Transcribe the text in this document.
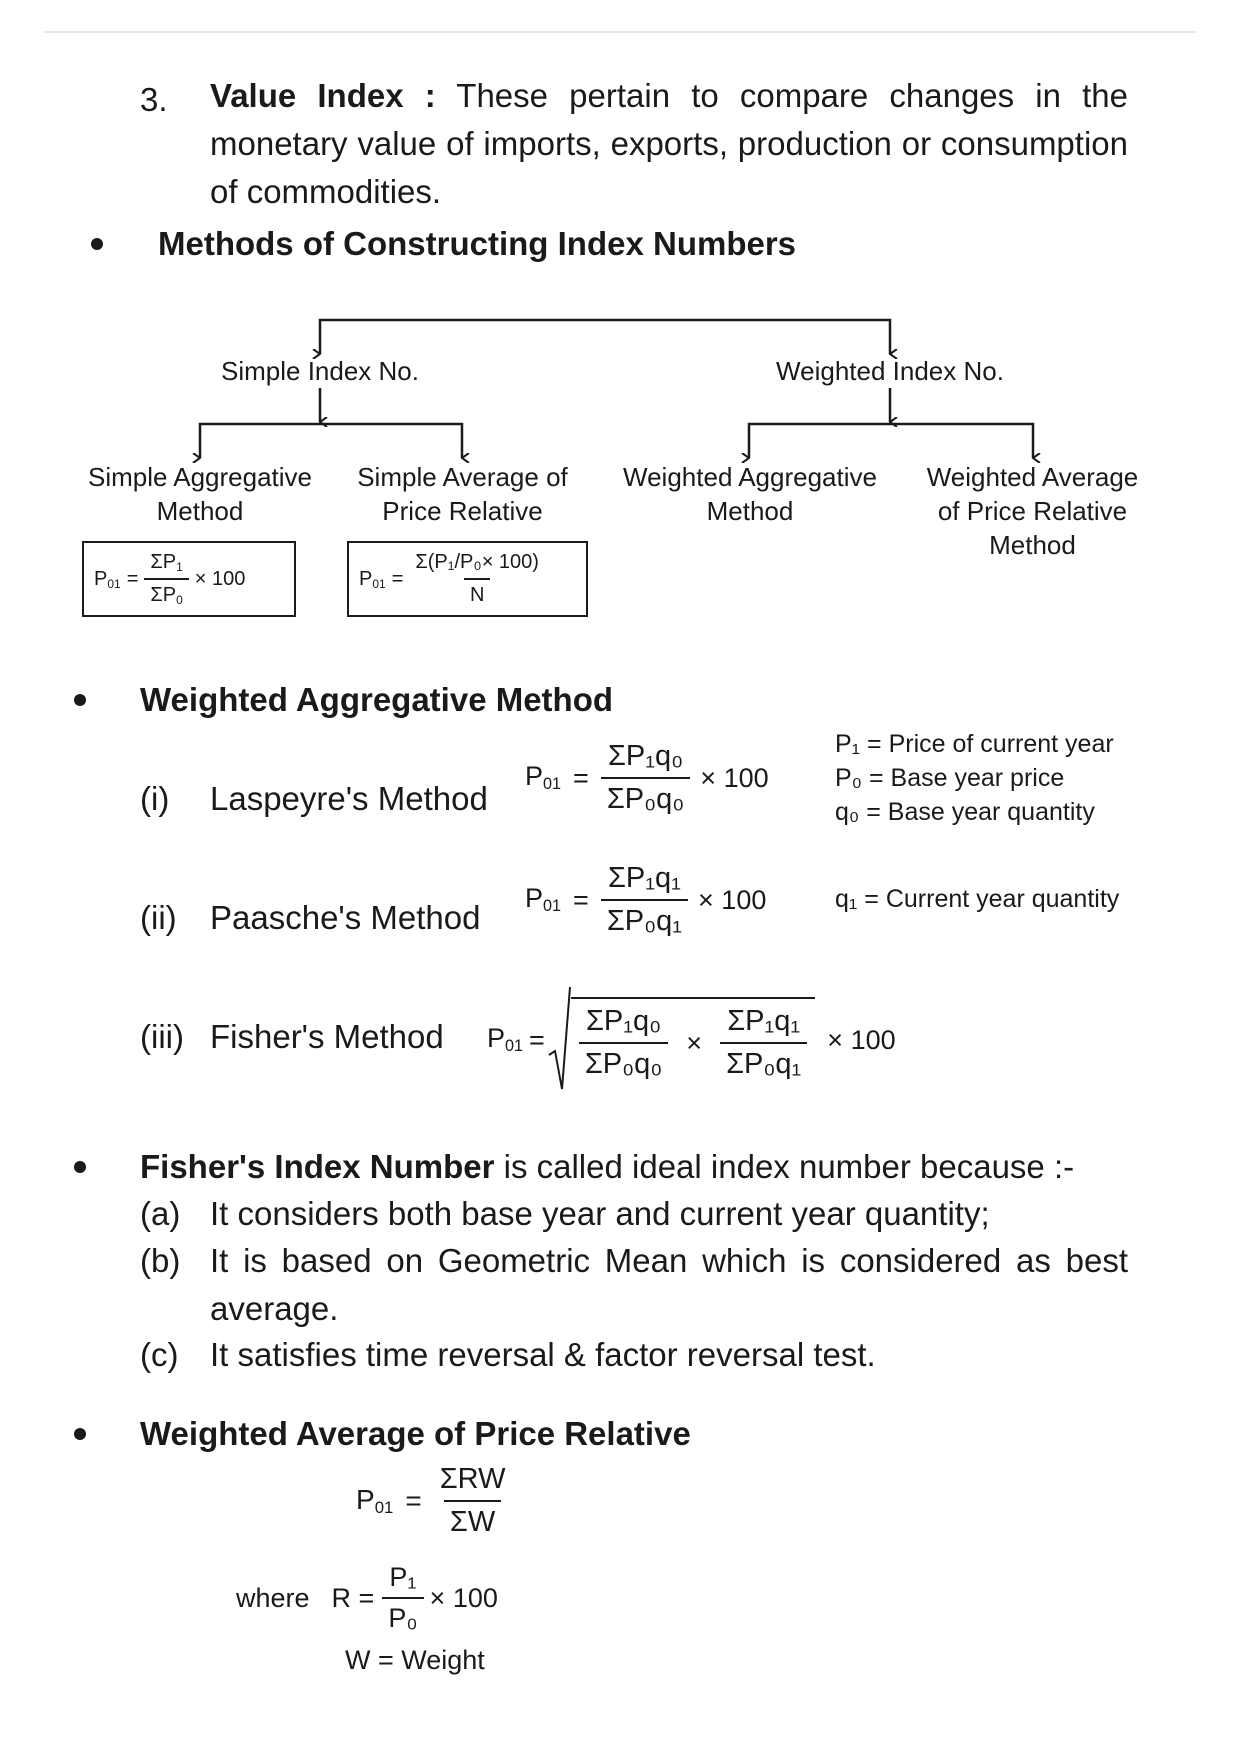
3. Value Index : These pertain to compare changes in the monetary value of imports, exports, production or consumption of commodities.
Methods of Constructing Index Numbers
Simple Index No.	Weighted Index No.
Simple Aggregative
Method
Simple Average of
Price Relative
Weighted Aggregative
Method
Weighted Average
of Price Relative
Method
$P_{01} = \frac{\Sigma P_1}{\Sigma P_0} \times 100$	$P_{01} = \frac{\text{Σ(P₁/P₀× 100)}}{N}$
Weighted Aggregative Method
(i) Laspeyre's Method
$P_{01} = \frac{\text{ΣP₁q₀}}{\text{ΣP₀q₀}} \times 100$
P₁ = Price of current year
P₀ = Base year price
q₀ = Base year quantity
(ii) Paasche's Method
$P_{01} = \frac{\text{ΣP₁q₁}}{\text{ΣP₀q₁}} \times 100$	q₁ = Current year quantity
(iii) Fisher's Method $P_{01} = \frac{\text{ΣP₁q₀}}{\text{ΣP₀q₀}} \times \frac{\text{ΣP₁q₁}}{\text{ΣP₀q₁}} \times 100$
Fisher's Index Number is called ideal index number because :-
(a) It considers both base year and current year quantity;
(b) It is based on Geometric Mean which is considered as best average.
(c) It satisfies time reversal & factor reversal test.
Weighted Average of Price Relative
$P_{01} = \frac{\text{ΣRW}}{\Sigma W}$
where $R = \frac{\text{P₁}}{\text{P₀}} \times 100$
W = Weight
